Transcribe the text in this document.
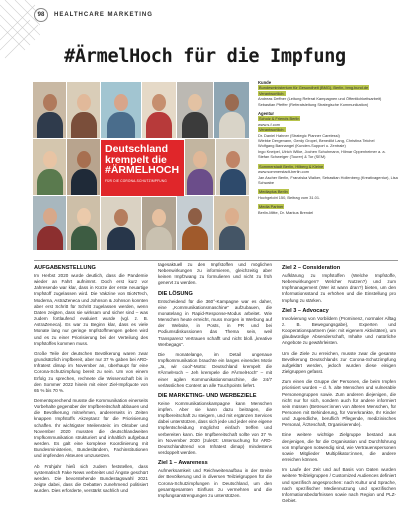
98	HEALTHCARE MARKETING
#ÄrmelHoch für die Impfung
Deutschland
krempelt die
#ÄRMELHOCH
FÜR DIE CORONA-SCHUTZIMPFUNG
Kunde
Bundesministerium für Gesundheit (BMG), Berlin, bmg.bund.de
Verantwortlich:
Andreas Deffner (Leitung Referat Kampagnen und Öffentlichkeitsarbeit)
Sebastian Pfeffer (Referatsleitung Strategische Kommunikation)
Agentur
Scholz & Friends Berlin
www.s-f.com
Verantwortlich:
Dr. Daniel Hahner (Strategic Planner Carelessl)
Wiebke Dergenann, Gerdy Gropel, Benedikt Lang, Christina Teichel
Wolfgang Bannangel (Kunden-Support u. Zentrale)
Ingo Kneipel, Ulrich Wilke, Jochen Schuhmann, Hilmar Oppenheimer a. a.
Stefan Schweiger (Tourer) & Tor (SEM)
Sommerstadt Berlin, Hilberg & Kleine
www.sommerstadt-berlin.com
Jan Ascher Berlin, Franziska Walker, Sebastian Hollenberg (Kreativagentur), Lisa Schwabe
Mediaplus Berlin
Hochgelobt 150, Beitrag vom 31.01.
Media Partner
Berlin-Mitte, Dr. Markus Brendel
AUFGABENSTELLUNG

Im Herbst 2020 wurde deutlich, dass die Pandemie wieder an Fahrt aufnimmt. Doch erst kurz vor Jahresende war klar, dass in Kürze der erste neuartige Impfstoff zugelassen wird. Die Vakzine von BioNTech, Moderna, AstraZeneca und Johnson & Johnson konnten aber erst Schritt für Schritt zugelassen werden, wenn Daten zeigten, dass sie wirksam und sicher sind – was zudem fortlaufend evaluiert wurde (vgl. z. B. AstraZeneca). Es war zu Beginn klar, dass es viele Monate lang nur geringe Impfstoffmengen geben wird und es zu einer Priorisierung bei der Verteilung des Impfstoffes kommen muss.

Große Teile der deutschen Bevölkerung waren zwar grundsätzlich impfbereit, aber nur 37 % gaben bei ARD-Infratest dimap im November an, überhaupt für eine Corona-Schutzimpfung bereit zu sein. Um von einem Erfolg zu sprechen, rechnete die Wissenschaft bis in den Sommer 2022 hinein mit einer Ziel-Impfquote von 65 % bis 70 %.

Dementsprechend musste die Kommunikation einerseits Vorbehalte gegenüber der Impfbereitschaft abbauen und die Bevölkerung mitnehmen, andererseits in Zeiten knappen Impfstoffs Akzeptanz für die Priorisierung schaffen. Ihr wichtigster Meilenstein: im Oktober und November 2020 mussten die deutschlandweiten Impfkommunikation strukturiert und inhaltlich aufgebaut werden. Es galt eine komplexe Koordinierung mit Bundesministerien, Bundesländern, Fachinstitutionen und impfenden Akteuren umzusetzen.

Ab Frühjahr hieß sich zudem feststellen, dass systematisch Fake News verbreitet und Ängste geschürt werden. Die bevorstehende Bundestagswahl 2021 zeigte dabei, dass die Debatten zunehmend politisiert wurden. Dies erforderte, verstärkt sachlich und

tagesaktuell zu den Impfstoffen und möglichen Nebenwirkungen zu informieren, gleichzeitig aber keinen Impfzwang zu formulieren und nicht zu früh genervt zu werden.

DIE LÖSUNG

Entscheidend für die 360°-Kampagne war es daher, eine „Kommunikationsmaschine“ aufzubauen, die monatelang in Rapid-Response-Modus arbeitet. Wie Menschen heute erreicht, muss morgen in Werbung auf der Website, in Posts, in PR und bei Podiumsdiskussionen das Thema sein, weil Transparenz Vertrauen schafft und nicht bloß „kreative Werbegags“.

Die monatelange, im Detail ungenaue Impfkommunikation brauchte ein langes einendes Motiv „Ja, wir cool“-Motto: Deutschland krempelt die #ÄrmelHoch – Jeh krempele die #ÄrmelHoch“ – mit einer agilen Kommunikationsmaschine, die 24/7 verlässlichen Content an alle Touchpoints liefert.

DIE MARKETING- UND WERBEZIELE

Keine Kommunikationskampagne kann Menschen impfen. Aber sie kann dazu beitragen, die Impfbereitschaft zu steigern, und mit ergänzen Services dabei unterstützen, dass sich jede und jeder eine eigene Impfentscheidung möglichst einfach treffen und verbereiten kann. Die Impfbereitschaft sollte von 37 % im November 2020 (zuletzt: Untersuchung für ARD-Deutschlandtrend von Infratest dimap) mindestens verdoppelt werden.

Ziel 1 – Awareness

Aufmerksamkeit und Reichweitenaufbau in der Breite der Bevölkerung und in diversen Teilzielgruppen für die Corona-Schutzimpfungen in Deutschland, um den gesamtgesamten Einfluss zu vermehren und die Impfungsanstrengungen zu unterstützen.

Ziel 2 – Consideration

Aufklärung zu Impfstoffen (Welche Impfstoffe, Nebenwirkungen? Welcher Nutzen?) und zum Impfmanagement (Wer ist wann dran?) bieten, um den Informationsstand zu erhöhen und die Einstellung pro Impfung zu stärken.

Ziel 3 – Advocacy

Involvierung von Vorbildern (Prominenz, normaler Alltag z. B. Bewegungsgabe), Experten und Kooperationspartnern (wie: mit eigenem Aktivitäten), um glaubwürdige Absenderschaft, Inhalte und natürliche Angebote zu gewährleisten.

Um die Ziele zu erreichen, musste zwar die gesamte Bevölkerung Deutschlands zur Corona-Schutzimpfung aufgeklärt werden, jedoch wurden diese einigen Zielgruppen gefasst.

Zum einen die Gruppe der Personen, die beim Impfen priorisiert wurden – d. h. alte Menschen und vulnerable Personengruppen sowie. Zum anderen diejenigen, die nicht nur für sich, sondern auch für andere informiert sein müssen (Betreuer:innen von älteren Menschen, für Personen mit Behinderung, für Vorerkrankte, Ihr Kinder und Jugendliche, beruflich Pflegende, medizinisches Personal, Ärzteschaft, Organisierende).

Eine weitere wichtige Zielgruppe bestand aus denjenigen, die für die Organisation und Durchführung von Impfungen notwendig sind, wie Vertrauenspersonen sowie Mitglieder Multiplikator:innen, die andere erreichen können.

Im Laufe der Zeit und auf Basis von Daten wurden weitere Teilzielgruppen / Customized Audiences definiert und spezifisch angesprochen: nach Kultur und Sprache, nach spezifischer Mediennutzung und spezifischen Informationsbedürfnissen sowie nach Region und PLZ-Gebiet.
